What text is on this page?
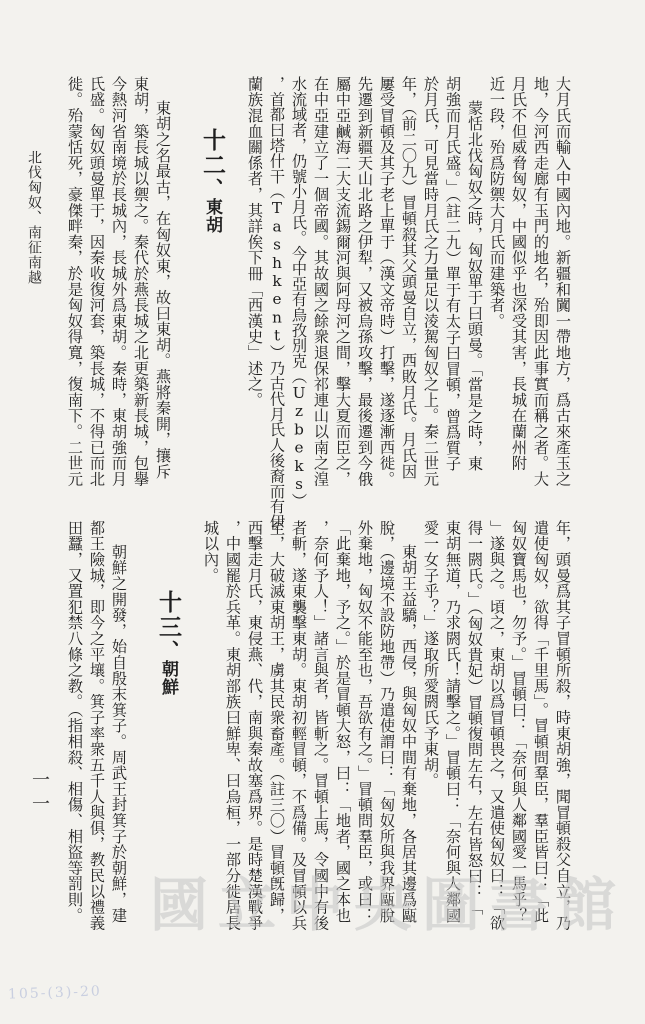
大月氏而輸入中國內地。新疆和闐一帶地方，爲古來產玉之
地，今河西走廊有玉門的地名，殆即因此事實而稱之者。大
月氏不但威脅匈奴，中國似乎也深受其害，長城在蘭州附
近一段，殆爲防禦大月氏而建築者。
蒙恬北伐匈奴之時，匈奴單于曰頭曼。「當是之時，東
胡強而月氏盛。」（註二九）單于有太子曰冒頓，曾爲質子
於月氏，可見當時月氏之力量足以淩駕匈奴之上。秦二世元
年，（前二〇九）冒頓殺其父頭曼自立，西敗月氏。月氏因
屢受冒頓及其子老上單于（漢文帝時）打擊，遂逐漸西徙。
先遷到新疆天山北路之伊犁，又被烏孫攻擊，最後遷到今俄
屬中亞鹹海二大支流錫爾河與阿母河之間，擊大夏而臣之，
在中亞建立了一個帝國。其故國之餘衆退保祁連山以南之湟
水流域者，仍號小月氏。今中亞有烏孜別克（Uzbeks）
，首都曰塔什干（Tashkent）乃古代月氏人後裔而有伊
蘭族混血關係者，其詳俟下冊「西漢史」述之。
十二、東胡
東胡之名最古，在匈奴東，故曰東胡。燕將秦開，攘斥
東胡，築長城以禦之。秦代於燕長城之北更築新長城，包擧
今熱河省南境於長城內，長城外爲東胡。秦時，東胡強而月
氏盛。匈奴頭曼單于，因秦收復河套，築長城，不得已而北
徙。殆蒙恬死，豪傑畔秦，於是匈奴得寬，復南下。二世元
北伐匈奴、南征南越
年，頭曼爲其子冒頓所殺，時東胡強，聞冒頓殺父自立，乃
遣使匈奴，欲得「千里馬」。冒頓問羣臣，羣臣皆曰：「此
匈奴寶馬也，勿予。」冒頓曰：「奈何與人鄰國愛一馬乎？
」遂與之。頃之，東胡以爲冒頓畏之，又遣使匈奴曰：「欲
得一閼氏。」（匈奴貴妃）冒頓復問左右，左右皆怒曰：「
東胡無道，乃求閼氏！請擊之。」冒頓曰：「奈何與人鄰國
愛一女子乎？」遂取所愛閼氏予東胡。
東胡王益驕，西侵，與匈奴中間有棄地，各居其邊爲甌
脫，（邊境不設防地帶）乃遣使謂曰：「匈奴所與我界甌脫
外棄地，匈奴不能至也，吾欲有之。」冒頓問羣臣，或曰：
「此棄地，予之。」於是冒頓大怒，曰：「地者，國之本也
，奈何予人！」諸言與者，皆斬之。冒頓上馬，令國中有後
者斬，遂東襲擊東胡。東胡初輕冒頓，不爲備。及冒頓以兵
至，大破滅東胡王，虜其民衆畜產。（註三〇）冒頓旣歸，
西擊走月氏，東侵燕、代，南與秦故塞爲界。是時楚漢戰爭
，中國罷於兵革。東胡部族曰鮮卑、曰烏桓，一部分徙居長
城以內。
十三、朝鮮
朝鮮之開發，始自殷末箕子。周武王封箕子於朝鮮，建
都王險城，即今之平壤。箕子率衆五千人與俱，教民以禮義
田蠶，又置犯禁八條之教。（指相殺、相傷、相盜等罰則。
一一
國立中央圖書館
105-(3)-20
